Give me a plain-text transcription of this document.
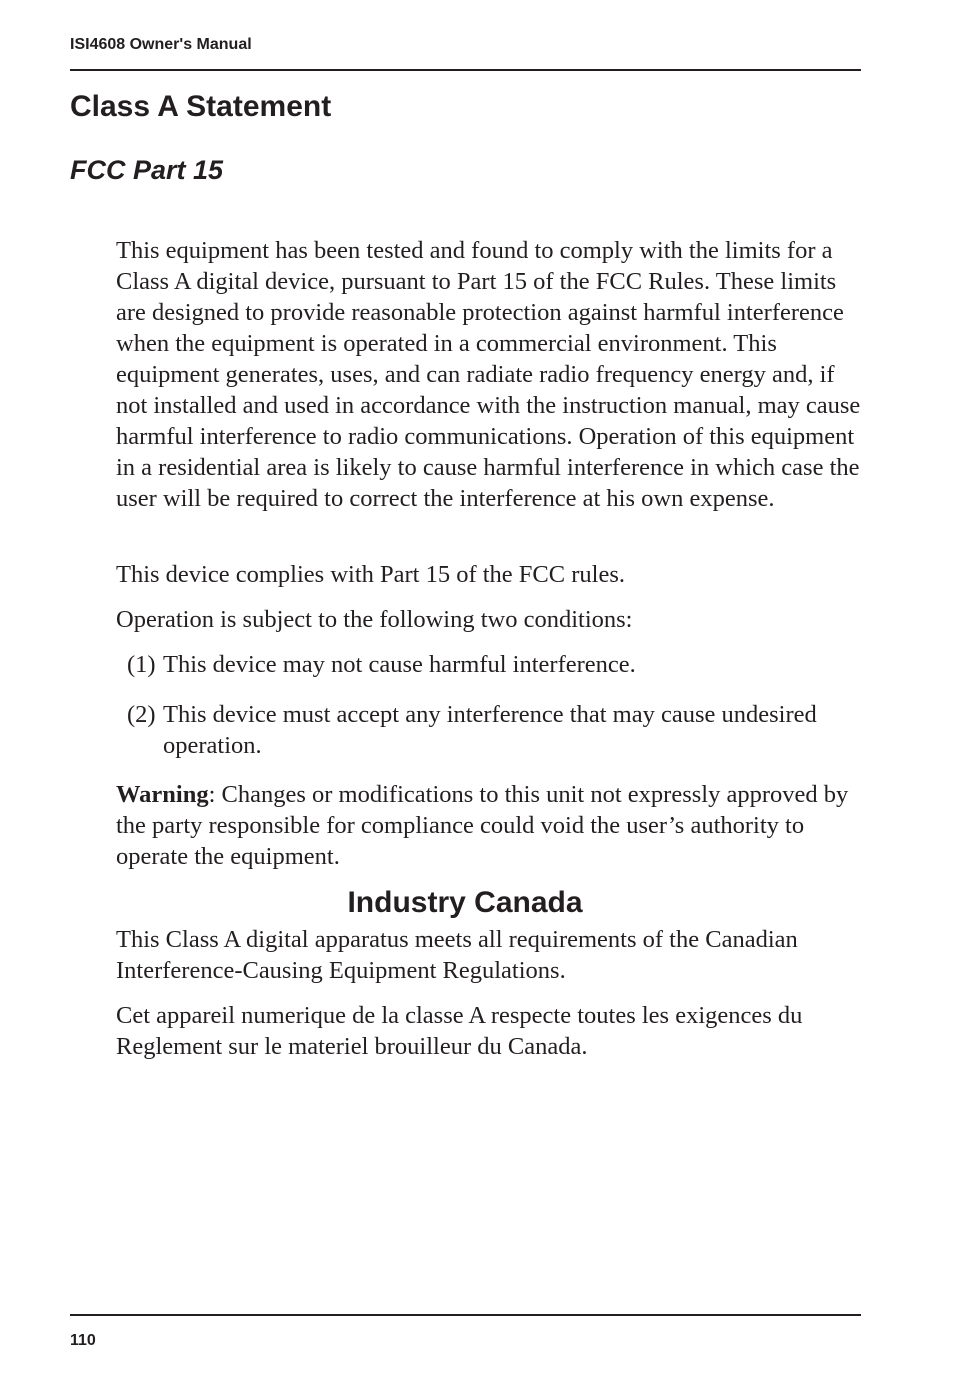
ISI4608 Owner's Manual

Class A Statement
FCC Part 15

This equipment has been tested and found to comply with the limits for a Class A digital device, pursuant to Part 15 of the FCC Rules. These limits are designed to provide reasonable protection against harmful interference when the equipment is operated in a commercial environment. This equipment generates, uses, and can radiate radio frequency energy and, if not installed and used in accordance with the instruction manual, may cause harmful interference to radio communications. Operation of this equipment in a residential area is likely to cause harmful interference in which case the user will be required to correct the interference at his own expense.

This device complies with Part 15 of the FCC rules.

Operation is subject to the following two conditions:

(1) This device may not cause harmful interference.

(2) This device must accept any interference that may cause undesired operation.

Warning: Changes or modifications to this unit not expressly approved by the party responsible for compliance could void the user’s authority to operate the equipment.

Industry Canada

This Class A digital apparatus meets all requirements of the Canadian Interference-Causing Equipment Regulations.

Cet appareil numerique de la classe A respecte toutes les exigences du Reglement sur le materiel brouilleur du Canada.

110
